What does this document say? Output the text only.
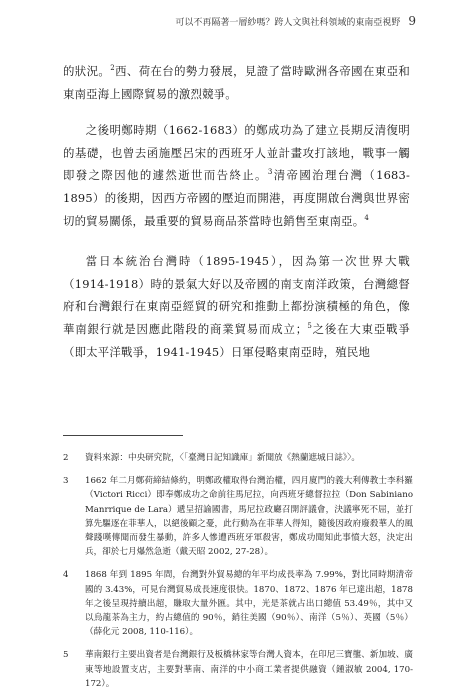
可以不再隔著一層紗嗎？跨人文與社科領域的東南亞視野 9

的狀況。$^2$西、荷在台的勢力發展，見證了當時歐洲各帝國在東亞和東南亞海上國際貿易的激烈競爭。

之後明鄭時期（1662-1683）的鄭成功為了建立長期反清復明的基礎，也曾去函施壓呂宋的西班牙人並計畫攻打該地，戰事一觸即發之際因他的遽然逝世而告終止。$^3$清帝國治理台灣（1683-1895）的後期，因西方帝國的壓迫而開港，再度開啟台灣與世界密切的貿易關係，最重要的貿易商品茶當時也銷售至東南亞。$^4$

當日本統治台灣時（1895-1945），因為第一次世界大戰（1914-1918）時的景氣大好以及帝國的南支南洋政策，台灣總督府和台灣銀行在東南亞經貿的研究和推動上都扮演積極的角色，像華南銀行就是因應此階段的商業貿易而成立；$^5$之後在大東亞戰爭（即太平洋戰爭，1941-1945）日軍侵略東南亞時，殖民地

2	資料來源：中央研究院，〈「臺灣日記知識庫」新聞放《熱蘭遮城日誌》〉。
3	1662 年二月鄭荷締結條約，明鄭政權取得台灣治權，四月廈門的義大利傳教士李科羅（Victori Ricci）即奉鄭成功之命前往馬尼拉，向西班牙總督拉拉（Don Sabiniano Manrrique de Lara）遞呈招諭國書，馬尼拉政廳召開評議會，決議寧死不屈，並打算先驅逐在菲華人，以絕後顧之憂，此行動為在菲華人得知，隨後因政府廢殺華人的風聲踐嘆傳聞而發生暴動，許多人慘遭西班牙軍殺害，鄭成功聞知此事憤大怒，決定出兵，卻於七月爆然急逝（戴天昭 2002, 27-28）。
4	1868 年到 1895 年間，台灣對外貿易總的年平均成長率為 7.99%，對比同時期清帝國的 3.43%，可見台灣貿易成長速度很快。1870、1872、1876 年已達出超，1878 年之後呈現持續出超，賺取大量外匯。其中，光是茶就占出口總值 53.49％，其中又以烏龍茶為主力，約占總值的 90％，銷往美國（90％）、南洋（5％）、英國（5％）（薛化元 2008, 110-116）。
5	華南銀行主要出資者是台灣銀行及板橋林家等台灣人資本，在印尼三寶壟、新加坡、廣東等地設置支店，主要對華南、南洋的中小商工業者提供融資（鍾淑敏 2004, 170-172）。
